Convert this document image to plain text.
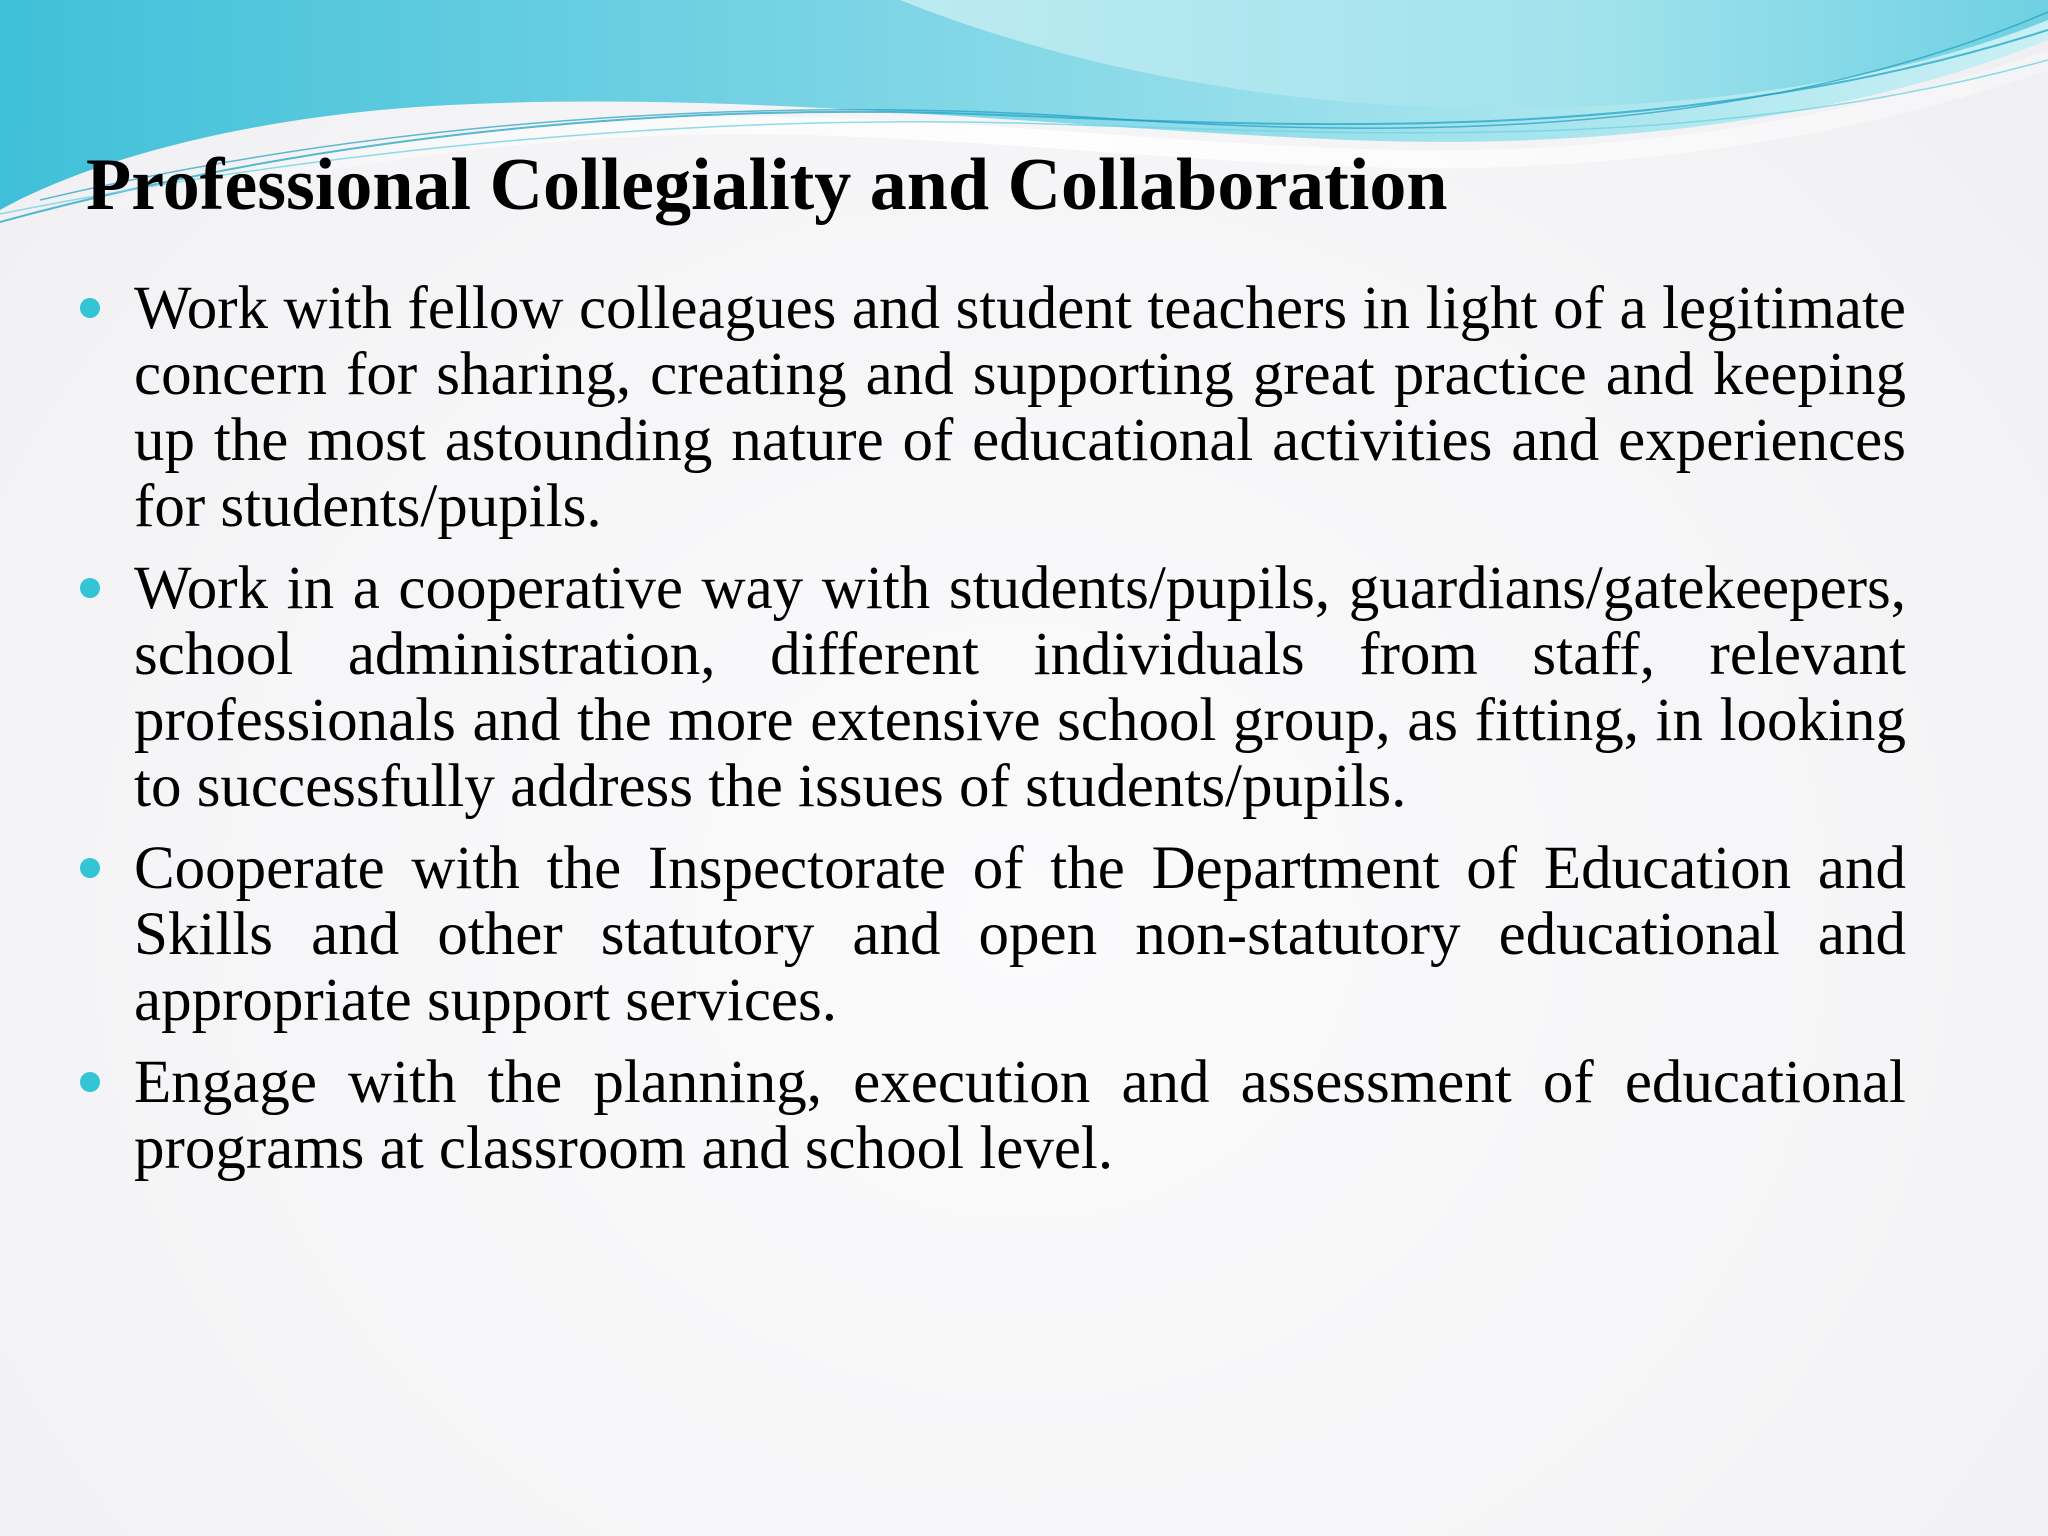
Professional Collegiality and Collaboration
Work with fellow colleagues and student teachers in light of a legitimate concern for sharing, creating and supporting great practice and keeping up the most astounding nature of educational activities and experiences for students/pupils.
Work in a cooperative way with students/pupils, guardians/gatekeepers, school administration, different individuals from staff, relevant professionals and the more extensive school group, as fitting, in looking to successfully address the issues of students/pupils.
Cooperate with the Inspectorate of the Department of Education and Skills and other statutory and open non-statutory educational and appropriate support services.
Engage with the planning, execution and assessment of educational programs at classroom and school level.
